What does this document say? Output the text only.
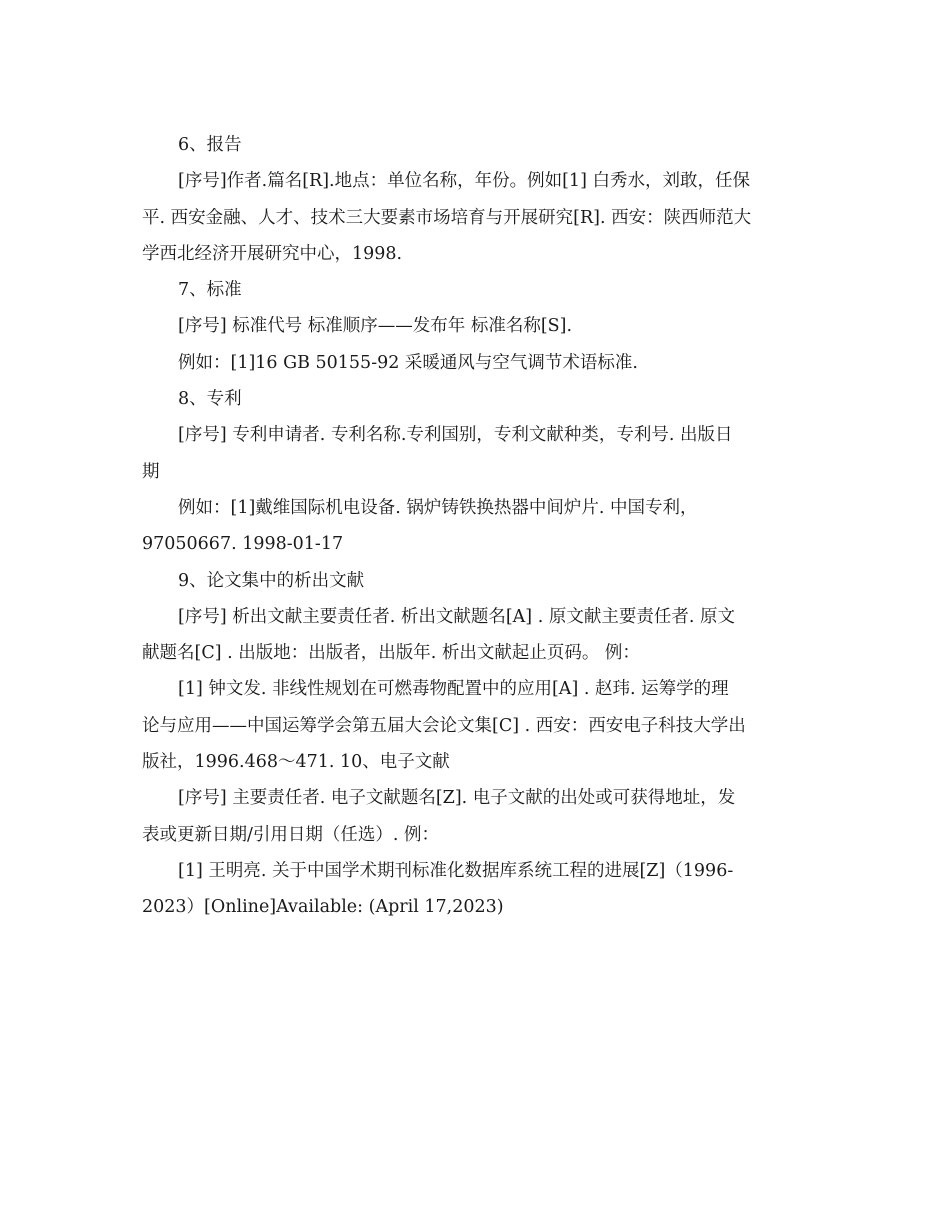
6、报告
[序号]作者.篇名[R].地点：单位名称，年份。例如[1] 白秀水，刘敢，任保
平. 西安金融、人才、技术三大要素市场培育与开展研究[R]. 西安：陕西师范大
学西北经济开展研究中心，1998.
7、标准
[序号] 标准代号 标准顺序——发布年 标准名称[S].
例如：[1]16 GB 50155-92 采暖通风与空气调节术语标准.
8、专利
[序号] 专利申请者. 专利名称.专利国别，专利文献种类，专利号. 出版日
期
例如：[1]戴维国际机电设备. 锅炉铸铁换热器中间炉片. 中国专利，
97050667. 1998-01-17
9、论文集中的析出文献
[序号] 析出文献主要责任者. 析出文献题名[A] . 原文献主要责任者. 原文
献题名[C] . 出版地：出版者，出版年. 析出文献起止页码。 例：
[1] 钟文发. 非线性规划在可燃毒物配置中的应用[A] . 赵玮. 运筹学的理
论与应用——中国运筹学会第五届大会论文集[C] . 西安：西安电子科技大学出
版社，1996.468～471. 10、电子文献
[序号] 主要责任者. 电子文献题名[Z]. 电子文献的出处或可获得地址，发
表或更新日期/引用日期（任选）. 例：
[1] 王明亮. 关于中国学术期刊标准化数据库系统工程的进展[Z]（1996-
2023）[Online]Available: (April 17,2023)
